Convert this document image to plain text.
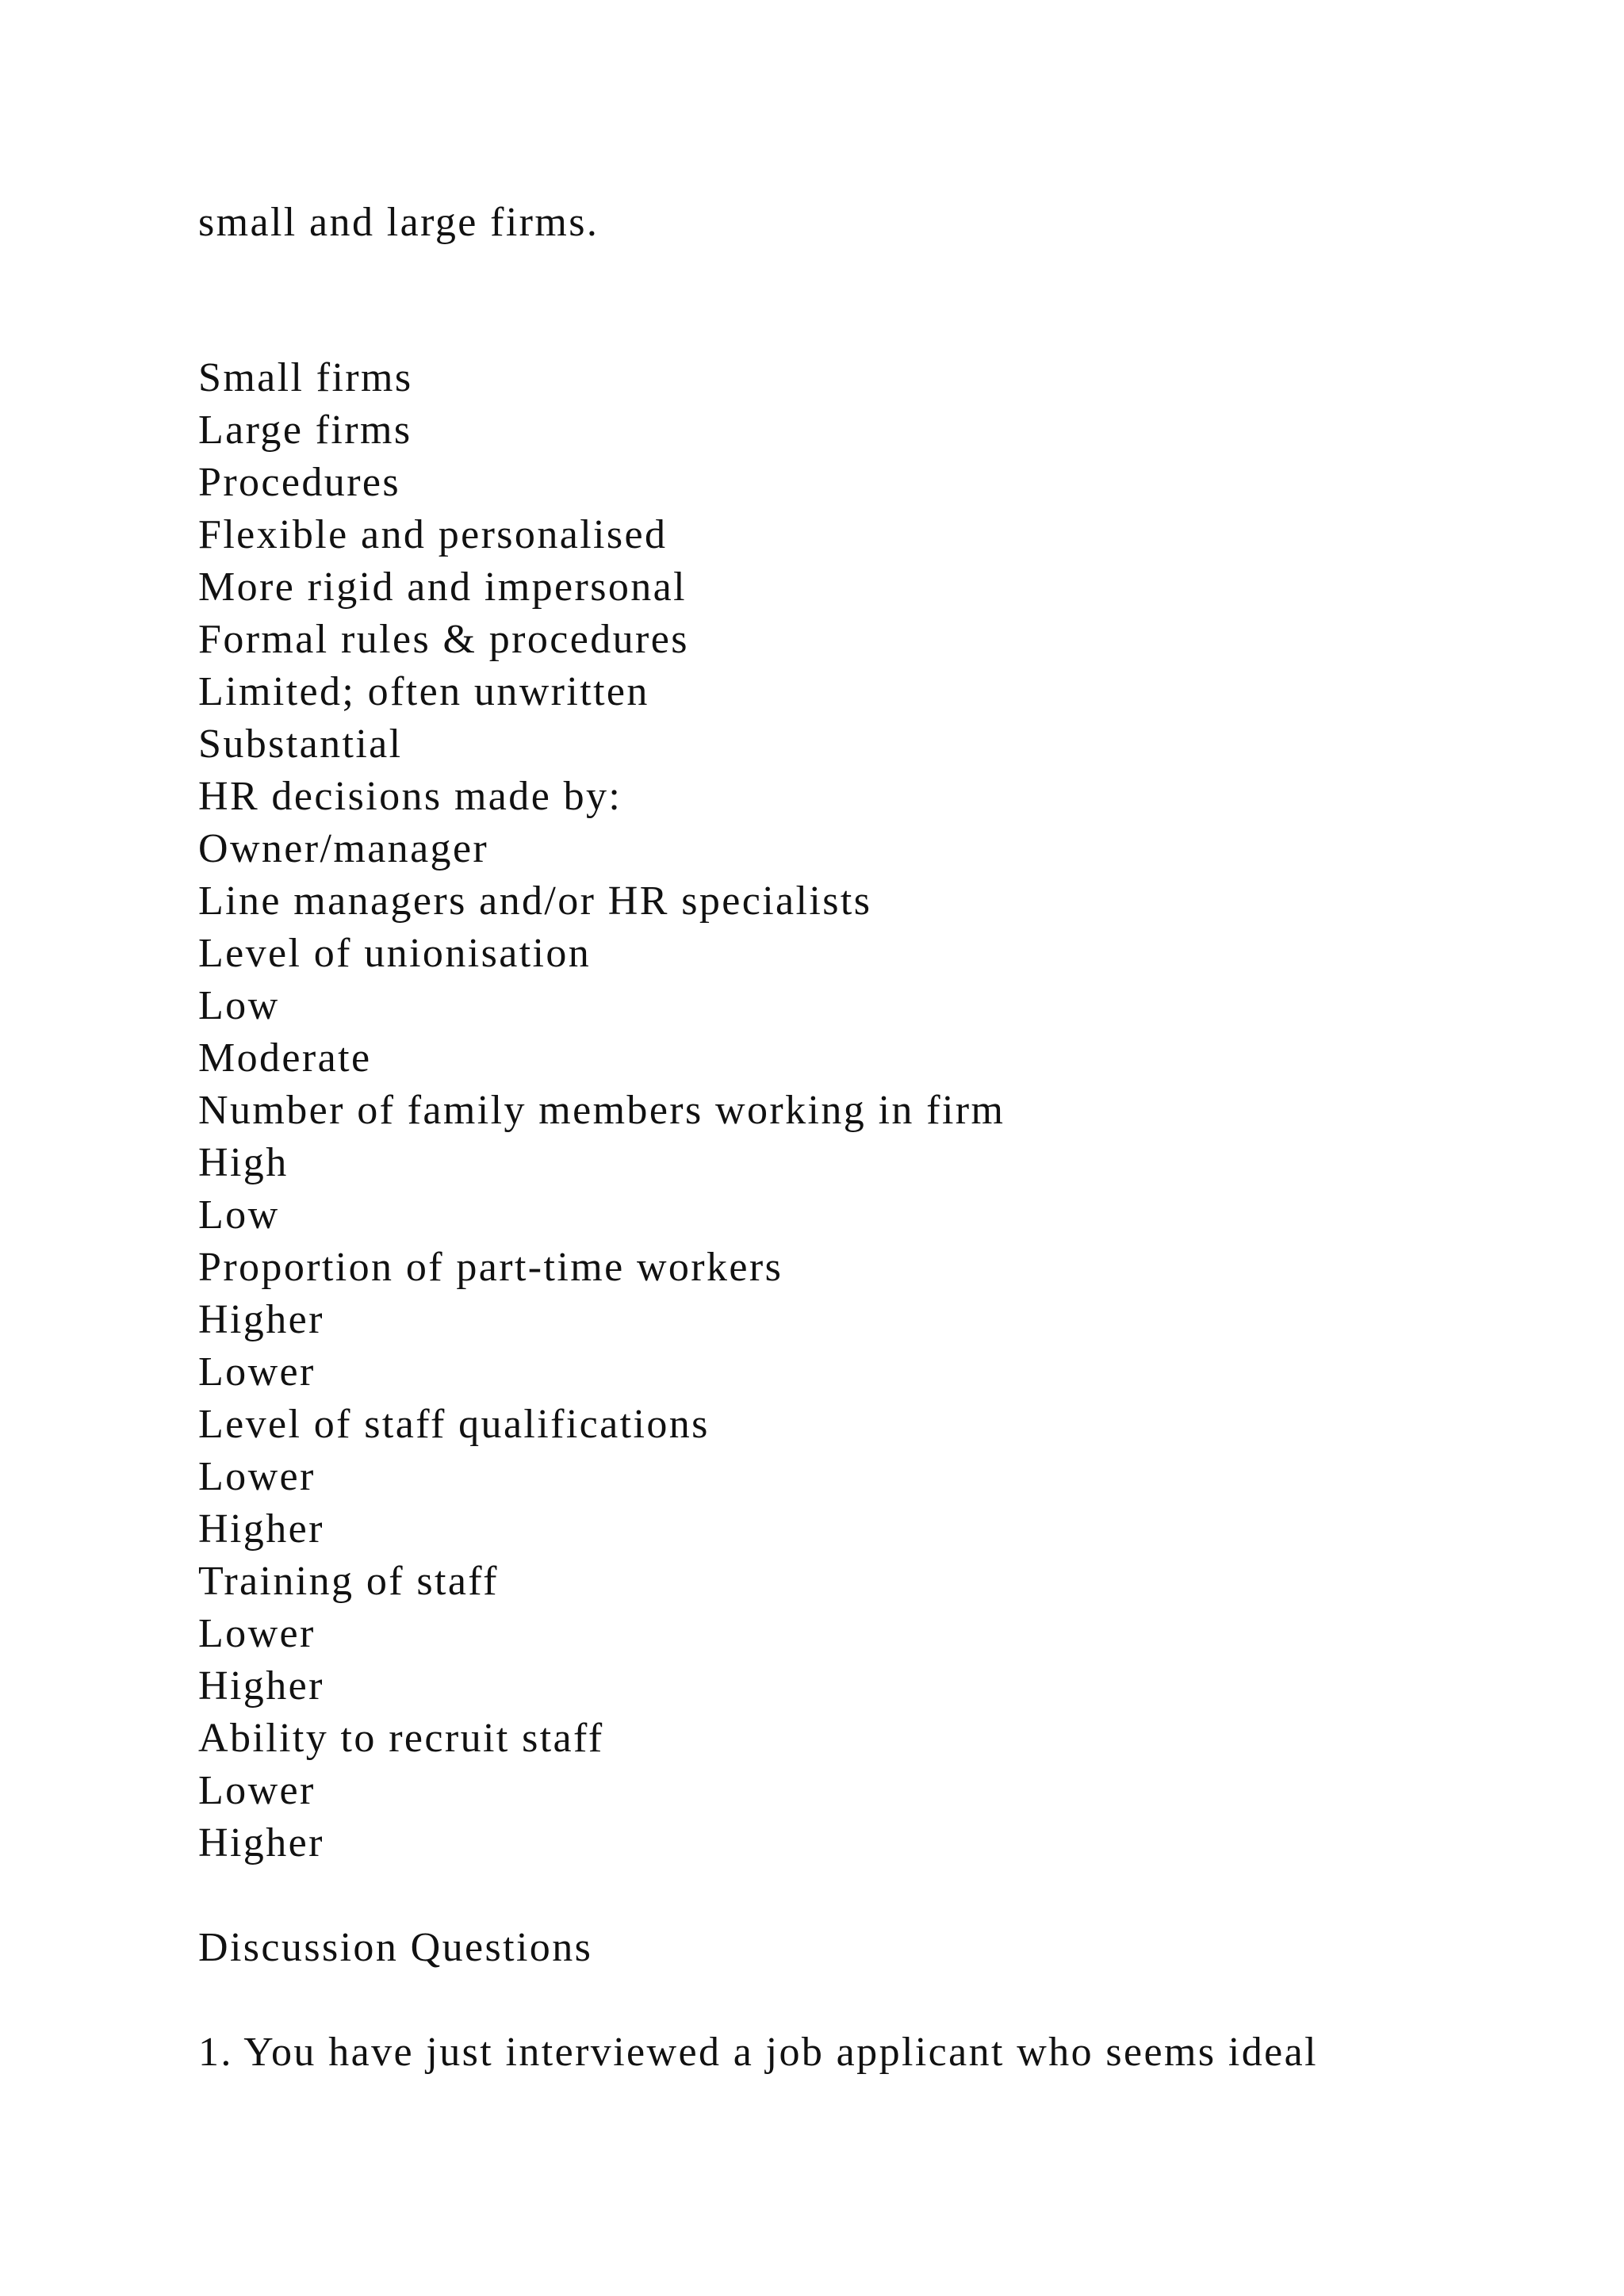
small and large firms.

Small firms

Large firms

Procedures

Flexible and personalised

More rigid and impersonal

Formal rules & procedures

Limited; often unwritten

Substantial

HR decisions made by:

Owner/manager

Line managers and/or HR specialists

Level of unionisation

Low

Moderate

Number of family members working in firm

High

Low

Proportion of part-time workers

Higher

Lower

Level of staff qualifications

Lower

Higher

Training of staff

Lower

Higher

Ability to recruit staff

Lower

Higher

Discussion Questions

1. You have just interviewed a job applicant who seems ideal
